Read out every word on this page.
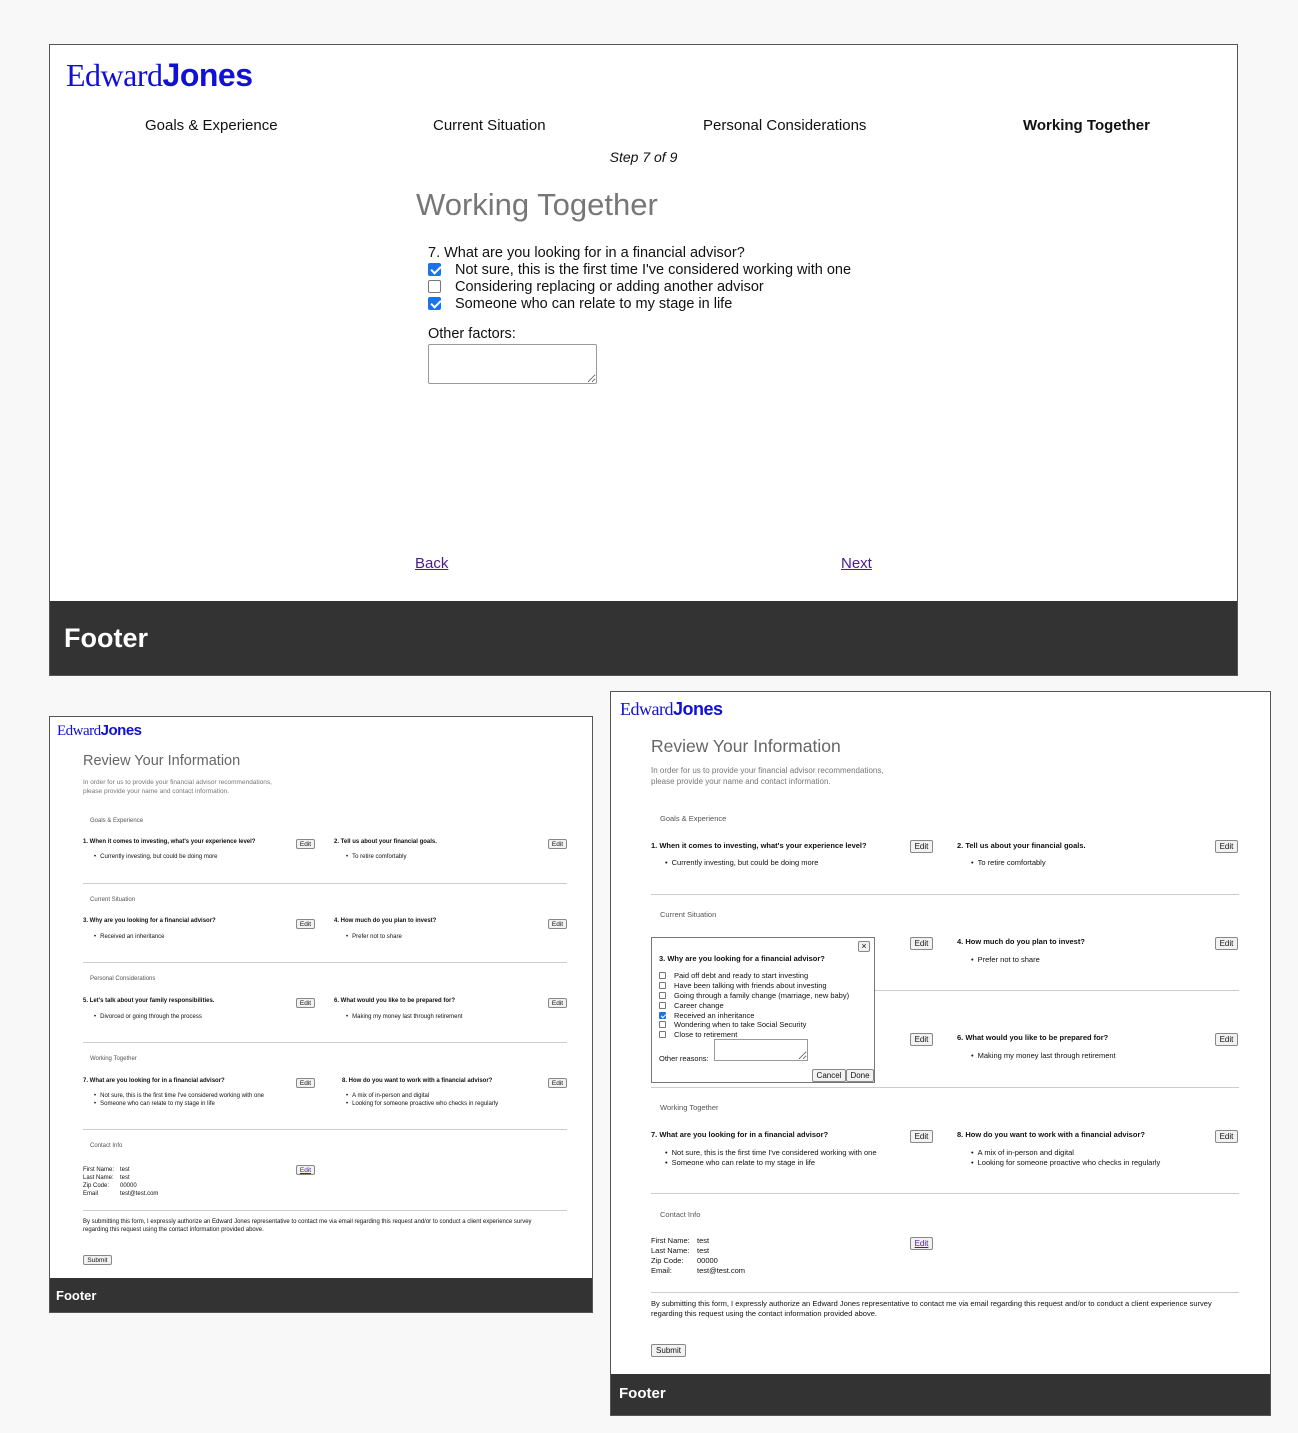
EdwardJones
Goals & Experience	Current Situation	Personal Considerations	Working Together
Step 7 of 9
Working Together
7. What are you looking for in a financial advisor?
Not sure, this is the first time I've considered working with one
Considering replacing or adding another advisor
Someone who can relate to my stage in life
Other factors:
Back	Next
Footer
EdwardJones
Review Your Information
In order for us to provide your financial advisor recommendations,
please provide your name and contact information.
Goals & Experience
1. When it comes to investing, what's your experience level?	Edit
• Currently investing, but could be doing more
2. Tell us about your financial goals.	Edit
• To retire comfortably
Current Situation
3. Why are you looking for a financial advisor?	Edit
• Received an inheritance
4. How much do you plan to invest?	Edit
• Prefer not to share
Personal Considerations
5. Let's talk about your family responsibilities.	Edit
• Divorced or going through the process
6. What would you like to be prepared for?	Edit
• Making my money last through retirement
Working Together
7. What are you looking for in a financial advisor?	Edit
• Not sure, this is the first time I've considered working with one
• Someone who can relate to my stage in life
8. How do you want to work with a financial advisor?	Edit
• A mix of in-person and digital
• Looking for someone proactive who checks in regularly
Contact Info
First Name: test
Last Name: test
Zip Code: 00000
Email	test@test.com
Edit
By submitting this form, I expressly authorize an Edward Jones representative to contact me via email regarding this request and/or to conduct a client experience survey regarding this request using the contact information provided above.
Submit
Footer
EdwardJones
Review Your Information
In order for us to provide your financial advisor recommendations,
please provide your name and contact information.
Goals & Experience
1. When it comes to investing, what's your experience level?	Edit
• Currently investing, but could be doing more
2. Tell us about your financial goals.	Edit
• To retire comfortably
Current Situation
Edit	4. How much do you plan to invest?	Edit
• Prefer not to share
Edit	6. What would you like to be prepared for?	Edit
• Making my money last through retirement
Working Together
7. What are you looking for in a financial advisor?	Edit
• Not sure, this is the first time I've considered working with one
• Someone who can relate to my stage in life
8. How do you want to work with a financial advisor?	Edit
• A mix of in-person and digital
• Looking for someone proactive who checks in regularly
Contact Info
First Name: test
Last Name: test
Zip Code: 00000
Email:	test@test.com
Edit
By submitting this form, I expressly authorize an Edward Jones representative to contact me via email regarding this request and/or to conduct a client experience survey regarding this request using the contact information provided above.
Submit
×
3. Why are you looking for a financial advisor?
Paid off debt and ready to start investing
Have been talking with friends about investing
Going through a family change (marriage, new baby)
Career change
Received an inheritance
Wondering when to take Social Security
Close to retirement
Other reasons:
Cancel	Done
Footer
